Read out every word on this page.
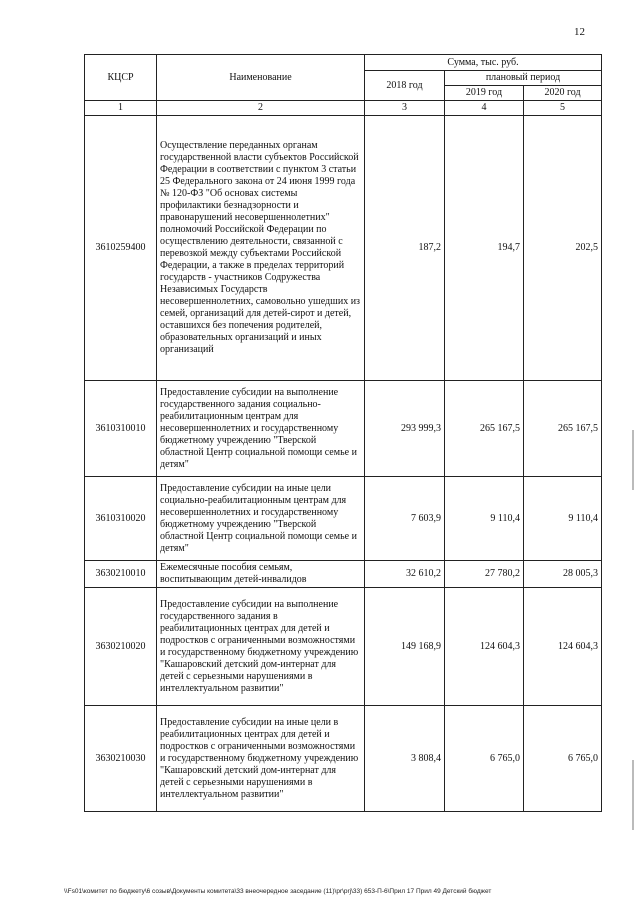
12
КЦСР	Наименование	Сумма, тыс. руб.		
		2018 год	плановый период	
			2019 год	2020 год
1	2	3	4	5
3610259400	Осуществление переданных органам государственной власти субъектов Российской Федерации в соответствии с пунктом 3 статьи 25 Федерального закона от 24 июня 1999 года № 120-ФЗ "Об основах системы профилактики безнадзорности и правонарушений несовершеннолетних" полномочий Российской Федерации по осуществлению деятельности, связанной с перевозкой между субъектами Российской Федерации, а также в пределах территорий государств - участников Содружества Независимых Государств несовершеннолетних, самовольно ушедших из семей, организаций для детей-сирот и детей, оставшихся без попечения родителей, образовательных организаций и иных организаций	187,2	194,7	202,5
3610310010	Предоставление субсидии на выполнение государственного задания социально-реабилитационным центрам для несовершеннолетних и государственному бюджетному учреждению "Тверской областной Центр социальной помощи семье и детям"	293 999,3	265 167,5	265 167,5
3610310020	Предоставление субсидии на иные цели социально-реабилитационным центрам для несовершеннолетних и государственному бюджетному учреждению "Тверской областной Центр социальной помощи семье и детям"	7 603,9	9 110,4	9 110,4
3630210010	Ежемесячные пособия семьям, воспитывающим детей-инвалидов	32 610,2	27 780,2	28 005,3
3630210020	Предоставление субсидии на выполнение государственного задания в реабилитационных центрах для детей и подростков с ограниченными возможностями и государственному бюджетному учреждению "Кашаровский детский дом-интернат для детей с серьезными нарушениями в интеллектуальном развитии"	149 168,9	124 604,3	124 604,3
3630210030	Предоставление субсидии на иные цели в реабилитационных центрах для детей и подростков с ограниченными возможностями и государственному бюджетному учреждению "Кашаровский детский дом-интернат для детей с серьезными нарушениями в интеллектуальном развитии"	3 808,4	6 765,0	6 765,0
\\Fs01\комитет по бюджету\6 созыв\Документы комитета\33 внеочередное заседание (11)\pr\prj\33) 653-П-6\Прил 17 Прил 49 Детский бюджет
